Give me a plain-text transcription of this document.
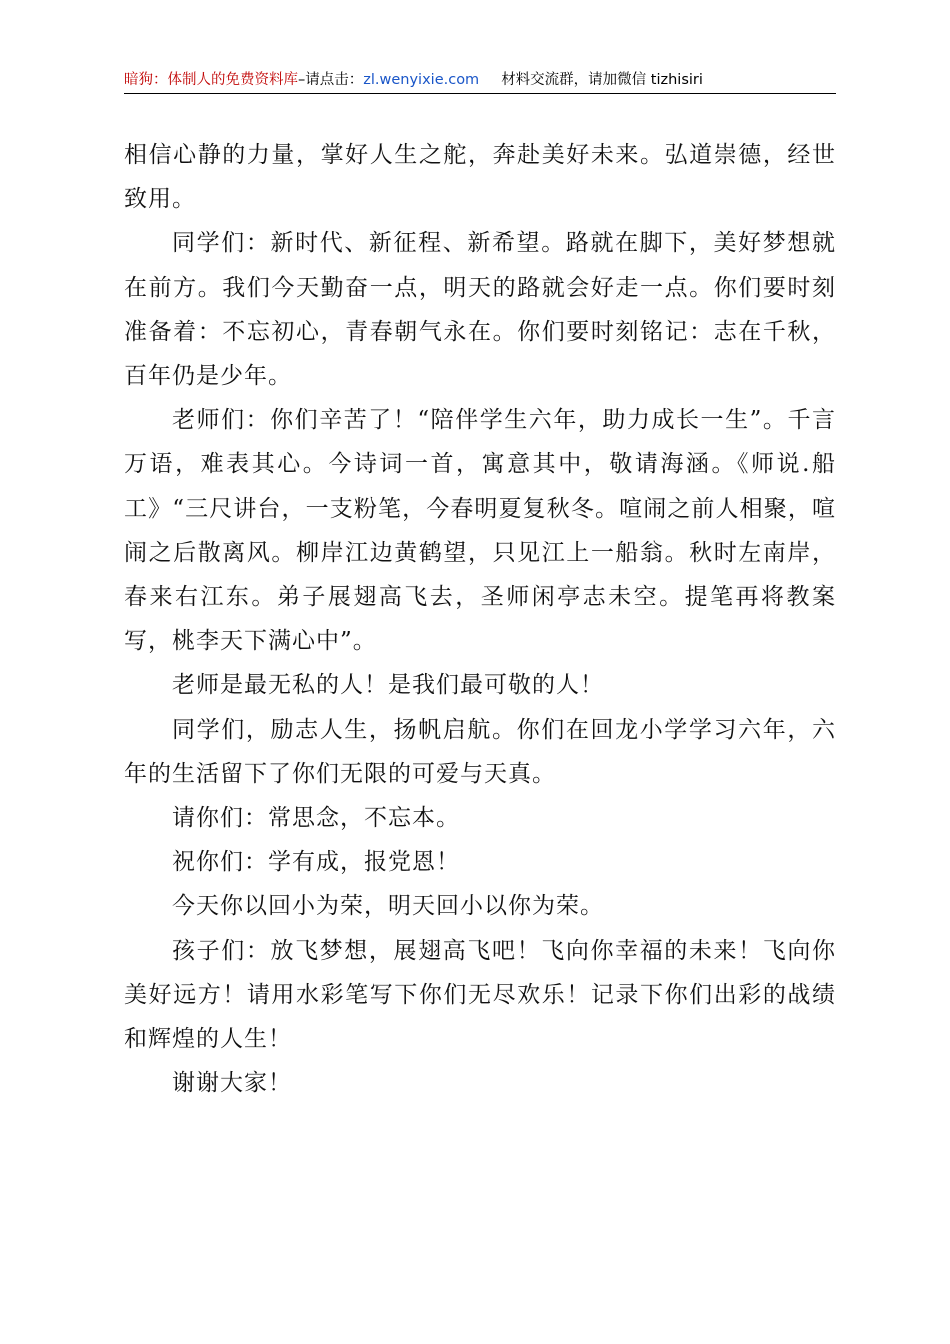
暗狗：体制人的免费资料库–请点击：zl.wenyixie.com 材料交流群，请加微信 tizhisiri

相信心静的力量，掌好人生之舵，奔赴美好未来。弘道崇德，经世致用。

同学们：新时代、新征程、新希望。路就在脚下，美好梦想就在前方。我们今天勤奋一点，明天的路就会好走一点。你们要时刻准备着：不忘初心，青春朝气永在。你们要时刻铭记：志在千秋，百年仍是少年。

老师们：你们辛苦了！“陪伴学生六年，助力成长一生”。千言万语，难表其心。今诗词一首，寓意其中，敬请海涵。《师说.船工》“三尺讲台，一支粉笔，今春明夏复秋冬。喧闹之前人相聚，喧闹之后散离风。柳岸江边黄鹤望，只见江上一船翁。秋时左南岸，春来右江东。弟子展翅高飞去，圣师闲亭志未空。提笔再将教案写，桃李天下满心中”。

老师是最无私的人！是我们最可敬的人！

同学们，励志人生，扬帆启航。你们在回龙小学学习六年，六年的生活留下了你们无限的可爱与天真。

请你们：常思念，不忘本。

祝你们：学有成，报党恩！

今天你以回小为荣，明天回小以你为荣。

孩子们：放飞梦想，展翅高飞吧！飞向你幸福的未来！飞向你美好远方！请用水彩笔写下你们无尽欢乐！记录下你们出彩的战绩和辉煌的人生！

谢谢大家！
